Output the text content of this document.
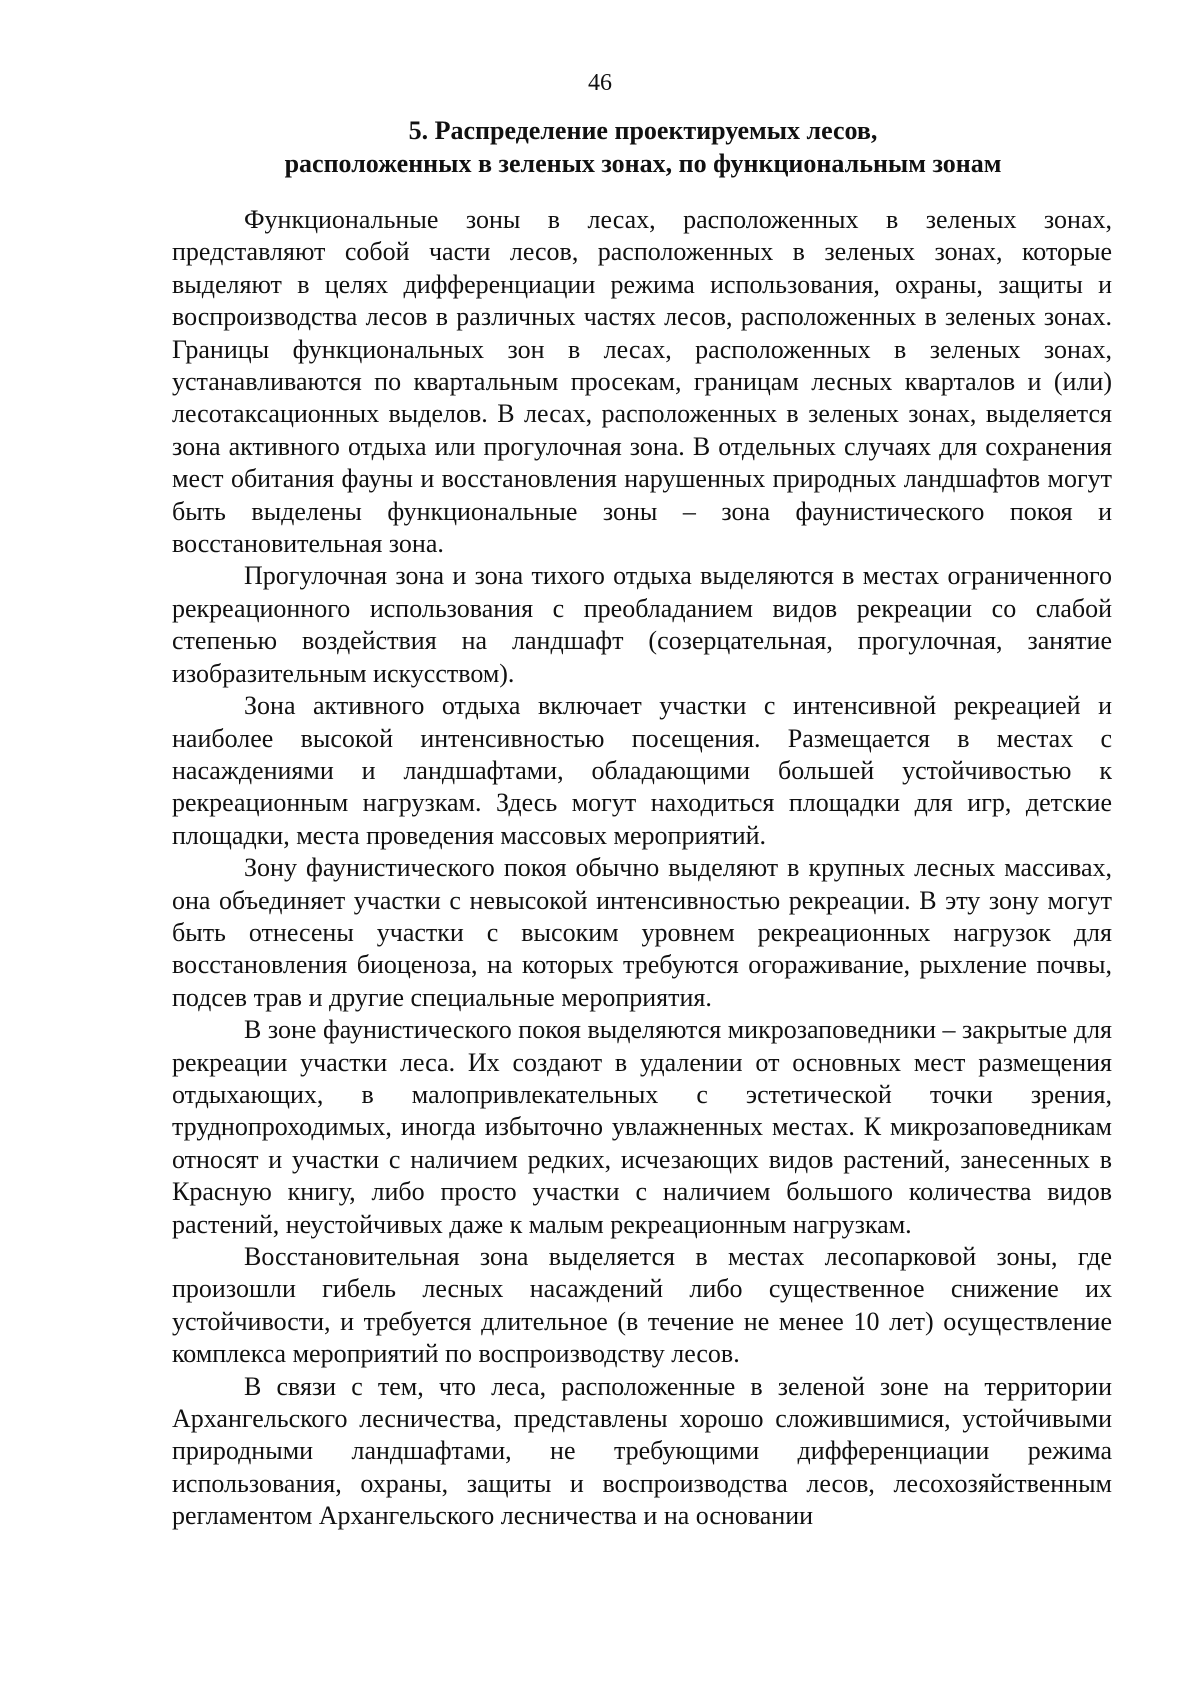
46
5. Распределение проектируемых лесов,
расположенных в зеленых зонах, по функциональным зонам

Функциональные зоны в лесах, расположенных в зеленых зонах, представляют собой части лесов, расположенных в зеленых зонах, которые выделяют в целях дифференциации режима использования, охраны, защиты и воспроизводства лесов в различных частях лесов, расположенных в зеленых зонах. Границы функциональных зон в лесах, расположенных в зеленых зонах, устанавливаются по квартальным просекам, границам лесных кварталов и (или) лесотаксационных выделов. В лесах, расположенных в зеленых зонах, выделяется зона активного отдыха или прогулочная зона. В отдельных случаях для сохранения мест обитания фауны и восстановления нарушенных природных ландшафтов могут быть выделены функциональные зоны – зона фаунистического покоя и восстановительная зона.

Прогулочная зона и зона тихого отдыха выделяются в местах ограниченного рекреационного использования с преобладанием видов рекреации со слабой степенью воздействия на ландшафт (созерцательная, прогулочная, занятие изобразительным искусством).

Зона активного отдыха включает участки с интенсивной рекреацией и наиболее высокой интенсивностью посещения. Размещается в местах с насаждениями и ландшафтами, обладающими большей устойчивостью к рекреационным нагрузкам. Здесь могут находиться площадки для игр, детские площадки, места проведения массовых мероприятий.

Зону фаунистического покоя обычно выделяют в крупных лесных массивах, она объединяет участки с невысокой интенсивностью рекреации. В эту зону могут быть отнесены участки с высоким уровнем рекреационных нагрузок для восстановления биоценоза, на которых требуются огораживание, рыхление почвы, подсев трав и другие специальные мероприятия.

В зоне фаунистического покоя выделяются микрозаповедники – закрытые для рекреации участки леса. Их создают в удалении от основных мест размещения отдыхающих, в малопривлекательных с эстетической точки зрения, труднопроходимых, иногда избыточно увлажненных местах. К микрозаповедникам относят и участки с наличием редких, исчезающих видов растений, занесенных в Красную книгу, либо просто участки с наличием большого количества видов растений, неустойчивых даже к малым рекреационным нагрузкам.

Восстановительная зона выделяется в местах лесопарковой зоны, где произошли гибель лесных насаждений либо существенное снижение их устойчивости, и требуется длительное (в течение не менее 10 лет) осуществление комплекса мероприятий по воспроизводству лесов.

В связи с тем, что леса, расположенные в зеленой зоне на территории Архангельского лесничества, представлены хорошо сложившимися, устойчивыми природными ландшафтами, не требующими дифференциации режима использования, охраны, защиты и воспроизводства лесов, лесохозяйственным регламентом Архангельского лесничества и на основании
